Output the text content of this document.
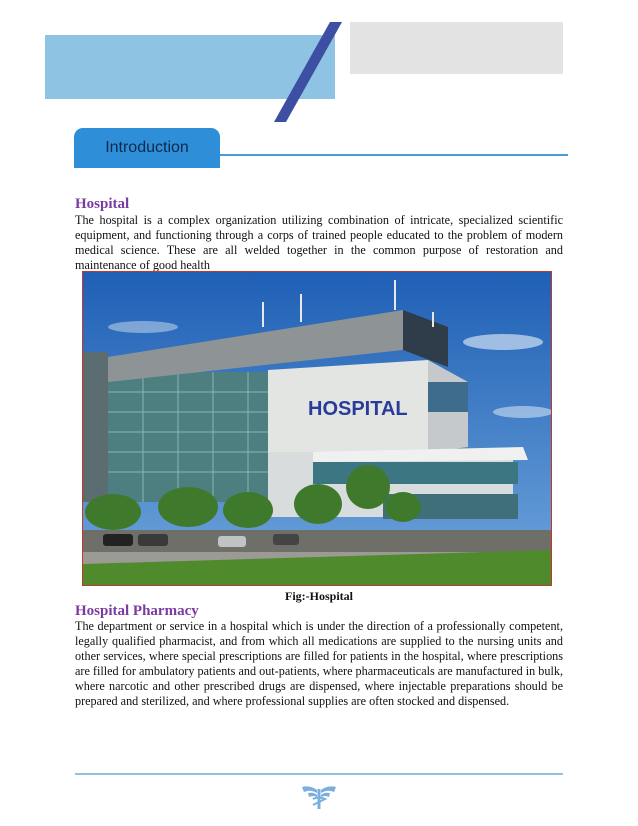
Introduction
Hospital

The hospital is a complex organization utilizing combination of intricate, specialized scientific equipment, and functioning through a corps of trained people educated to the problem of modern medical science. These are all welded together in the common purpose of restoration and maintenance of good health

HOSPITAL
Fig:-Hospital
Hospital Pharmacy

The department or service in a hospital which is under the direction of a professionally competent, legally qualified pharmacist, and from which all medications are supplied to the nursing units and other services, where special prescriptions are filled for patients in the hospital, where prescriptions are filled for ambulatory patients and out-patients, where pharmaceuticals are manufactured in bulk, where narcotic and other prescribed drugs are dispensed, where injectable preparations should be prepared and sterilized, and where professional supplies are often stocked and dispensed.
